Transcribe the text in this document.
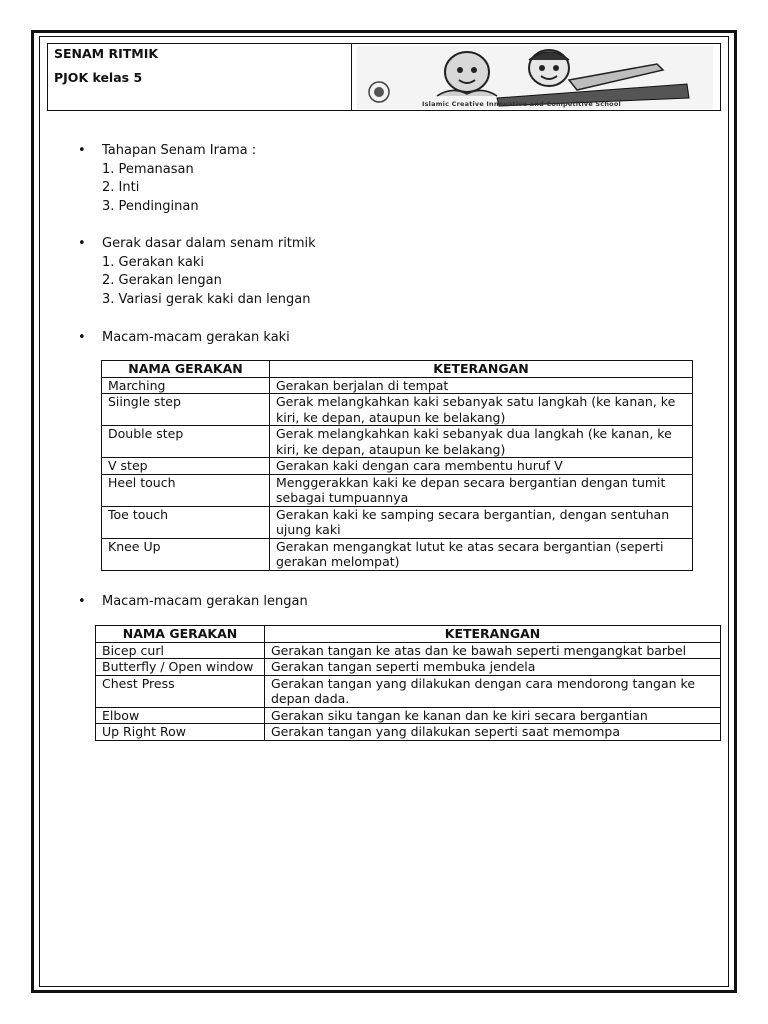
SENAM RITMIK
PJOK kelas 5
Islamic Creative Innovative and Competitive School
•	Tahapan Senam Irama :
1. Pemanasan
2. Inti
3. Pendinginan
•	Gerak dasar dalam senam ritmik
1. Gerakan kaki
2. Gerakan lengan
3. Variasi gerak kaki dan lengan
•	Macam-macam gerakan kaki
NAMA GERAKAN	KETERANGAN
Marching	Gerakan berjalan di tempat
Siingle step	Gerak melangkahkan kaki sebanyak satu langkah (ke kanan, ke kiri, ke depan, ataupun ke belakang)
Double step	Gerak melangkahkan kaki sebanyak dua langkah (ke kanan, ke kiri, ke depan, ataupun ke belakang)
V step	Gerakan kaki dengan cara membentu huruf V
Heel touch	Menggerakkan kaki ke depan secara bergantian dengan tumit sebagai tumpuannya
Toe touch	Gerakan kaki ke samping secara bergantian, dengan sentuhan ujung kaki
Knee Up	Gerakan mengangkat lutut ke atas secara bergantian (seperti gerakan melompat)
•	Macam-macam gerakan lengan
NAMA GERAKAN	KETERANGAN
Bicep curl	Gerakan tangan ke atas dan ke bawah seperti mengangkat barbel
Butterfly / Open window	Gerakan tangan seperti membuka jendela
Chest Press	Gerakan tangan yang dilakukan dengan cara mendorong tangan ke depan dada.
Elbow	Gerakan siku tangan ke kanan dan ke kiri secara bergantian
Up Right Row	Gerakan tangan yang dilakukan seperti saat memompa
